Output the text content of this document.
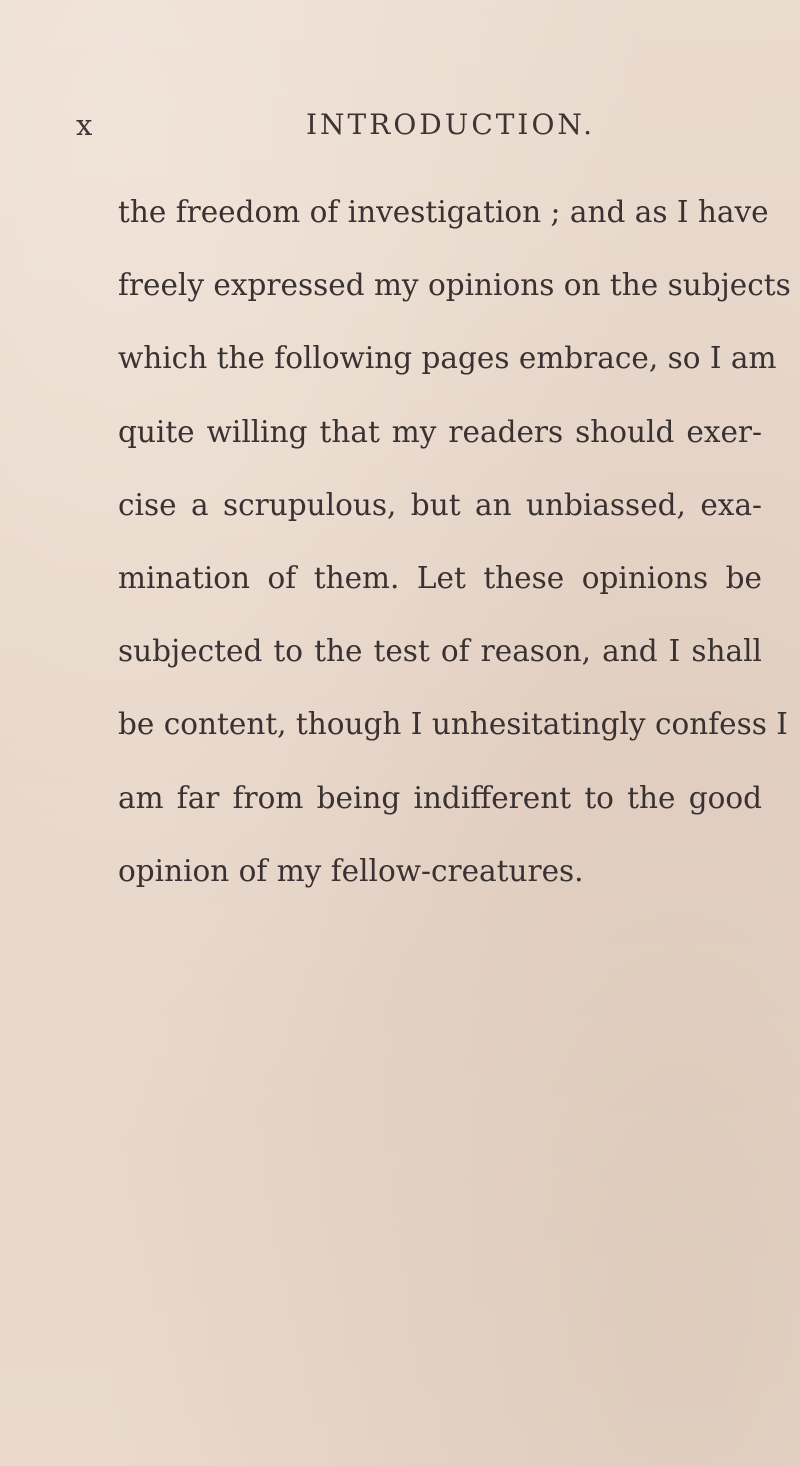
x	INTRODUCTION.
the freedom of investigation ; and as I have
freely expressed my opinions on the subjects
which the following pages embrace, so I am
quite willing that my readers should exer-
cise a scrupulous, but an unbiassed, exa-
mination of them. Let these opinions be
subjected to the test of reason, and I shall
be content, though I unhesitatingly confess I
am far from being indifferent to the good
opinion of my fellow-creatures.
